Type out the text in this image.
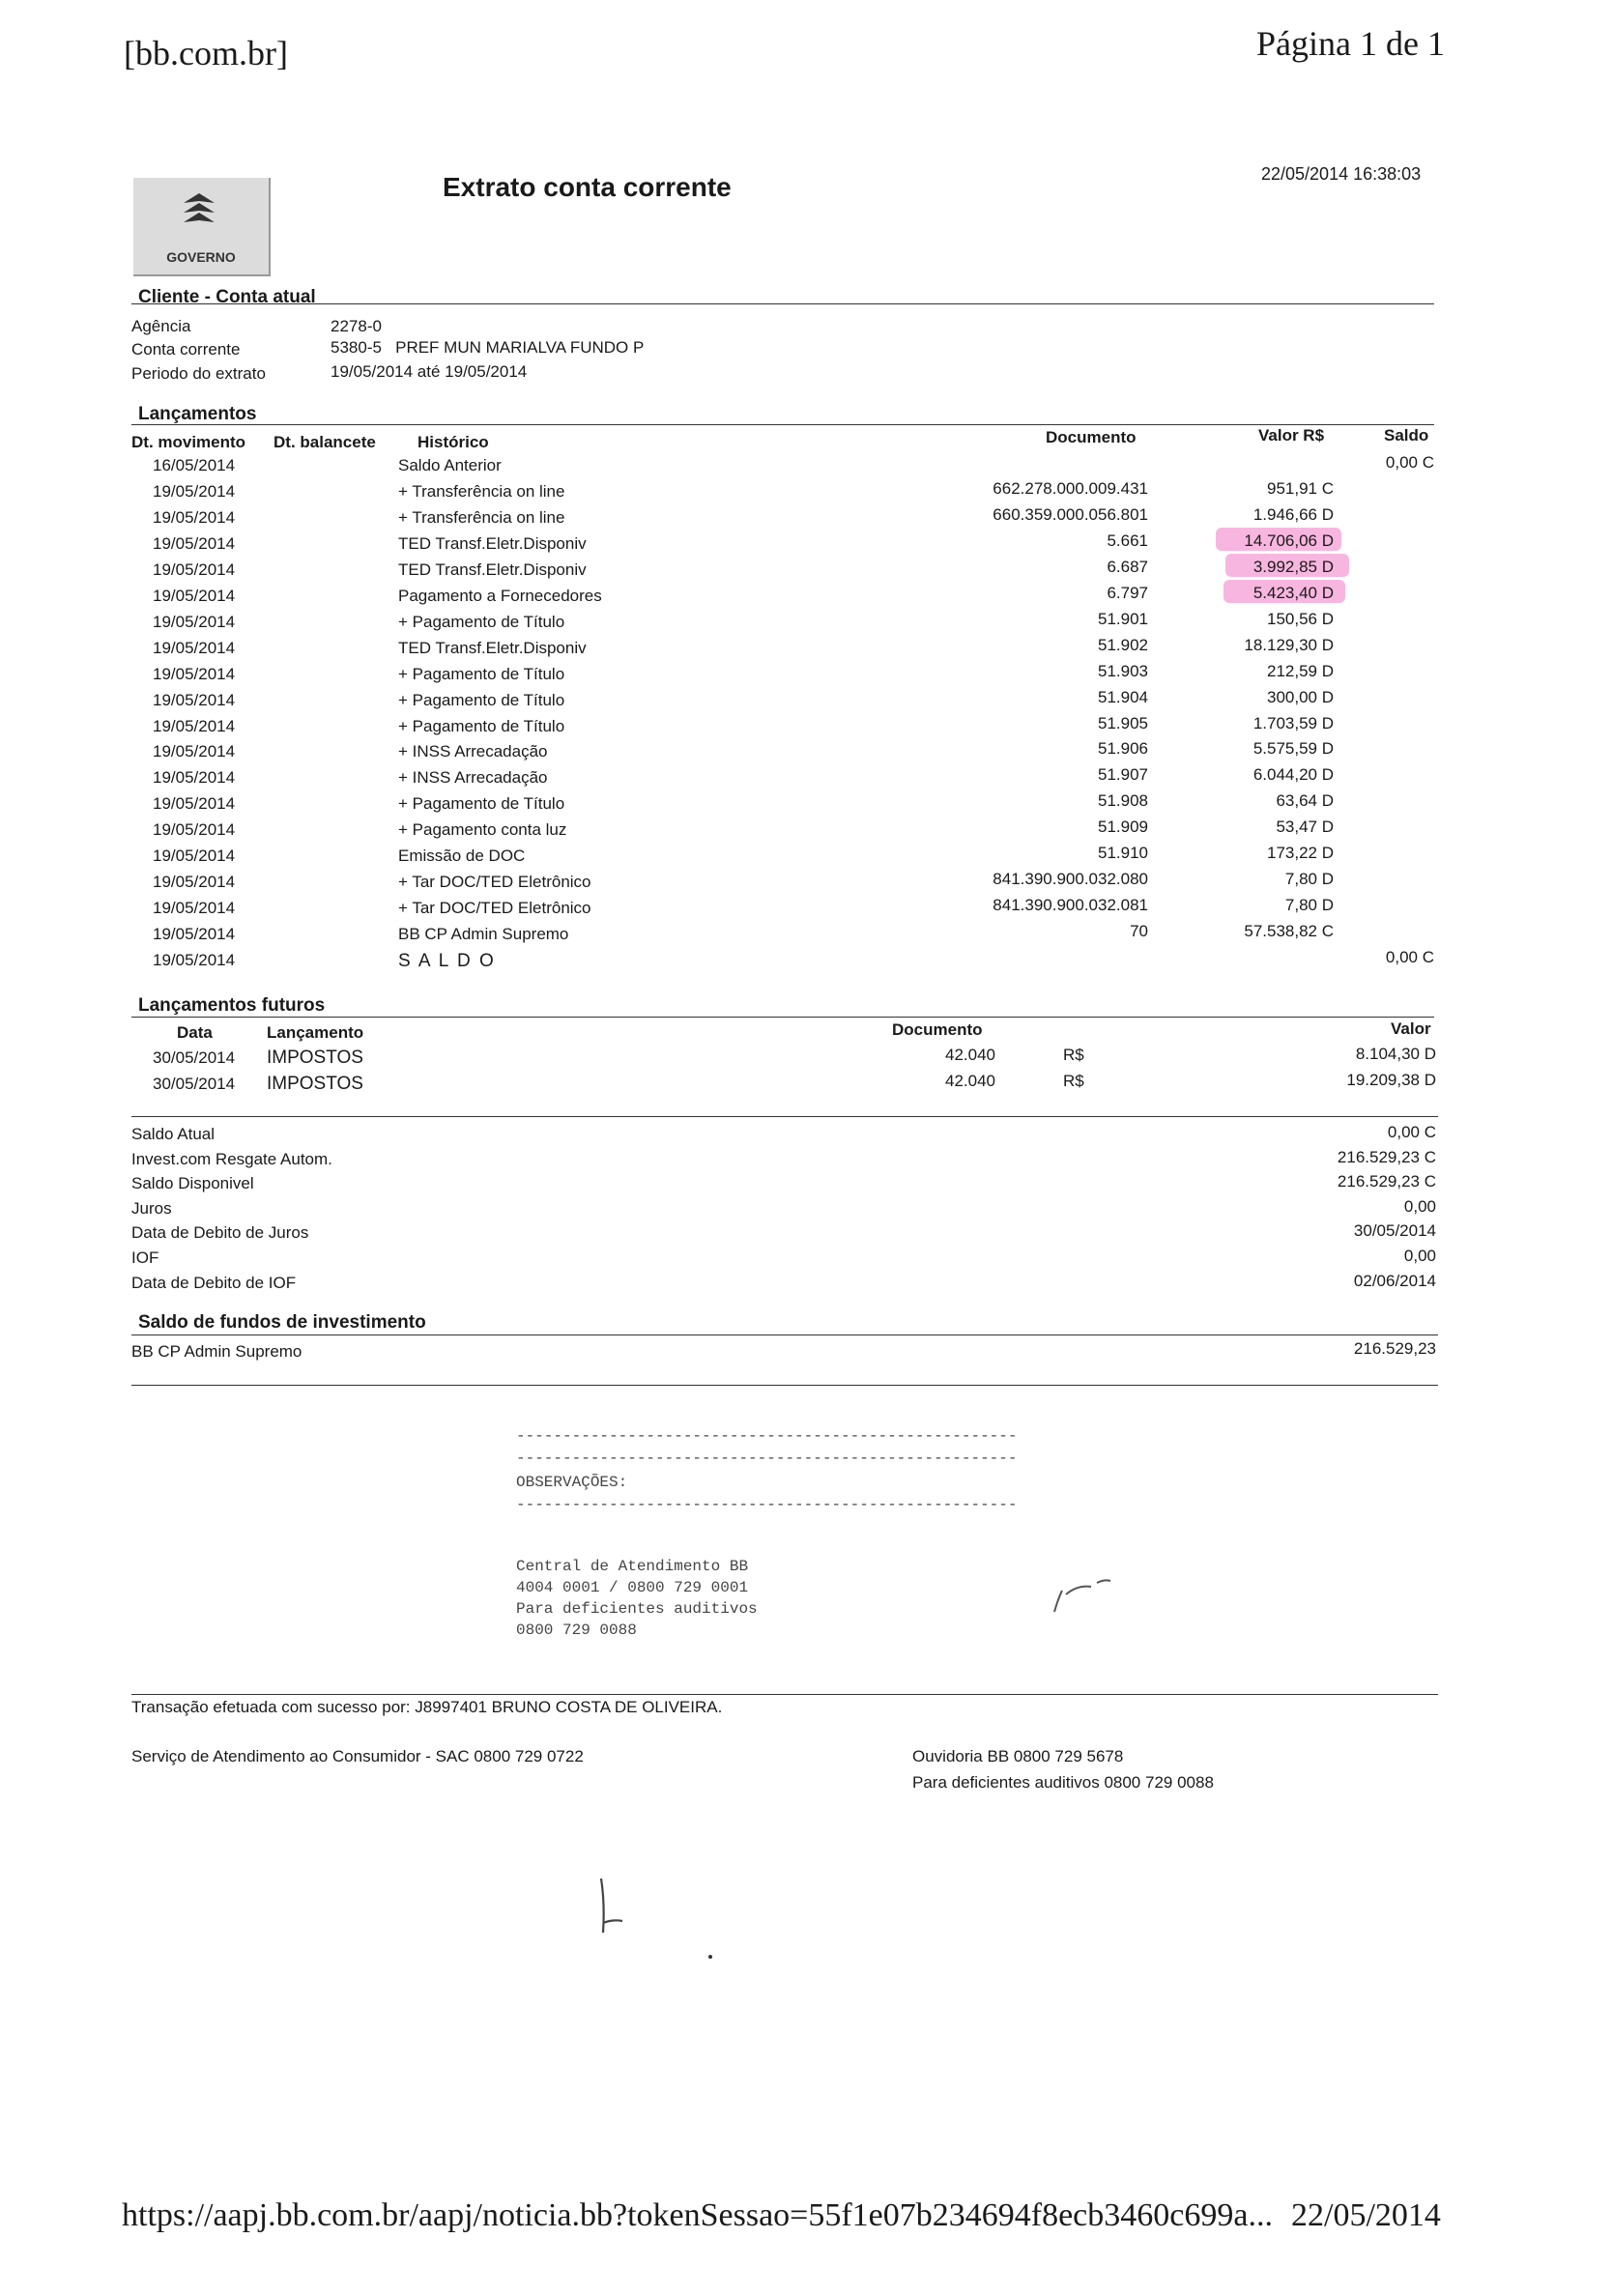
[bb.com.br]	Página 1 de 1
GOVERNO
Extrato conta corrente	22/05/2014 16:38:03
Cliente - Conta atual
Agência	2278-0
Conta corrente	5380-5   PREF MUN MARIALVA FUNDO P
Periodo do extrato	19/05/2014 até 19/05/2014
Lançamentos
Dt. movimento Dt. balancete	Histórico	Documento	Valor R$	Saldo
16/05/2014	Saldo Anterior	0,00 C
19/05/2014	+ Transferência on line	662.278.000.009.431	951,91 C
19/05/2014	+ Transferência on line	660.359.000.056.801	1.946,66 D
19/05/2014	TED Transf.Eletr.Disponiv	5.661	14.706,06 D
19/05/2014	TED Transf.Eletr.Disponiv	6.687	3.992,85 D
19/05/2014	Pagamento a Fornecedores	6.797	5.423,40 D
19/05/2014	+ Pagamento de Título	51.901	150,56 D
19/05/2014	TED Transf.Eletr.Disponiv	51.902	18.129,30 D
19/05/2014	+ Pagamento de Título	51.903	212,59 D
19/05/2014	+ Pagamento de Título	51.904	300,00 D
19/05/2014	+ Pagamento de Título	51.905	1.703,59 D
19/05/2014	+ INSS Arrecadação	51.906	5.575,59 D
19/05/2014	+ INSS Arrecadação	51.907	6.044,20 D
19/05/2014	+ Pagamento de Título	51.908	63,64 D
19/05/2014	+ Pagamento conta luz	51.909	53,47 D
19/05/2014	Emissão de DOC	51.910	173,22 D
19/05/2014	+ Tar DOC/TED Eletrônico	841.390.900.032.080	7,80 D
19/05/2014	+ Tar DOC/TED Eletrônico	841.390.900.032.081	7,80 D
19/05/2014	BB CP Admin Supremo	70	57.538,82 C
19/05/2014	S A L D O	0,00 C
Lançamentos futuros
Data	Lançamento	Documento	Valor
30/05/2014 IMPOSTOS	42.040	R$	8.104,30 D
30/05/2014 IMPOSTOS	42.040	R$	19.209,38 D
Saldo Atual	0,00 C
Invest.com Resgate Autom.	216.529,23 C
Saldo Disponivel	216.529,23 C
Juros	0,00
Data de Debito de Juros	30/05/2014
IOF	0,00
Data de Debito de IOF	02/06/2014
Saldo de fundos de investimento
BB CP Admin Supremo	216.529,23
------------------------------------------------------
------------------------------------------------------
OBSERVAÇÕES:
------------------------------------------------------
Central de Atendimento BB
4004 0001 / 0800 729 0001
Para deficientes auditivos
0800 729 0088
Transação efetuada com sucesso por: J8997401 BRUNO COSTA DE OLIVEIRA.
Serviço de Atendimento ao Consumidor - SAC 0800 729 0722	Ouvidoria BB 0800 729 5678
Para deficientes auditivos 0800 729 0088
https://aapj.bb.com.br/aapj/noticia.bb?tokenSessao=55f1e07b234694f8ecb3460c699a... 22/05/2014
